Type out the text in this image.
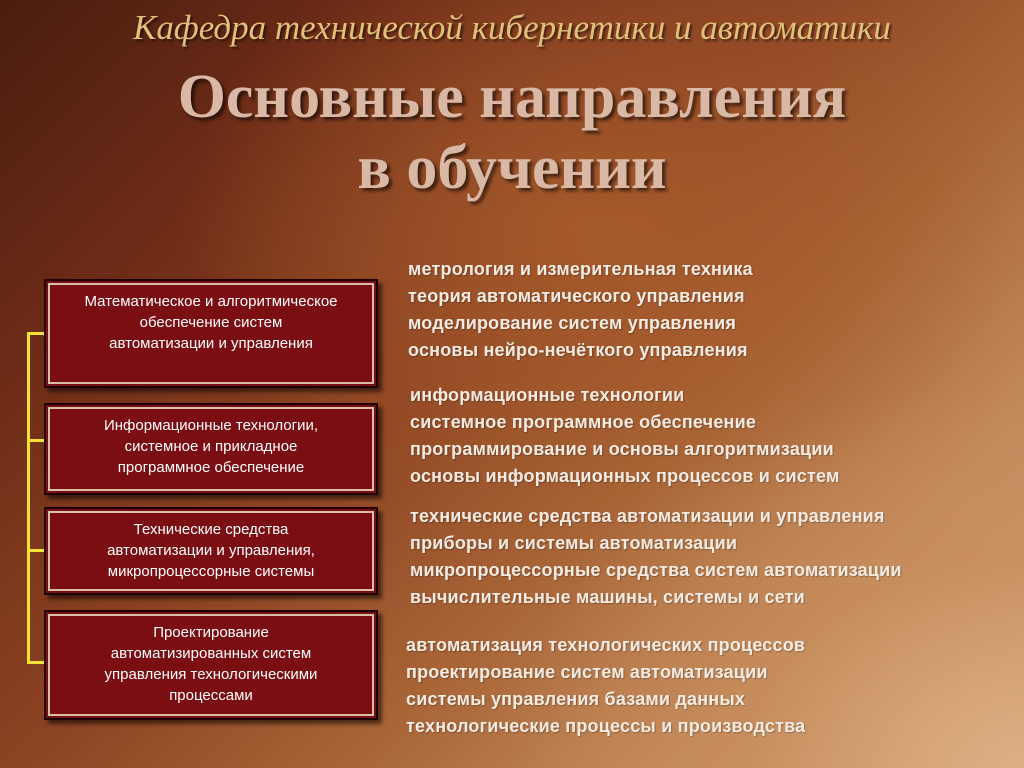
Кафедра технической кибернетики и автоматики
Основные направления
в обучении
Математическое и алгоритмическое
обеспечение систем
автоматизации и управления
Информационные технологии,
системное и прикладное
программное обеспечение
Технические средства
автоматизации и управления,
микропроцессорные системы
Проектирование
автоматизированных систем
управления технологическими
процессами
метрология и измерительная техника
теория автоматического управления
моделирование систем управления
основы нейро-нечёткого управления
информационные технологии
системное программное обеспечение
программирование и основы алгоритмизации
основы информационных процессов и систем
технические средства автоматизации и управления
приборы и системы автоматизации
микропроцессорные средства систем автоматизации
вычислительные машины, системы и сети
автоматизация технологических процессов
проектирование систем автоматизации
системы управления базами данных
технологические процессы и производства
